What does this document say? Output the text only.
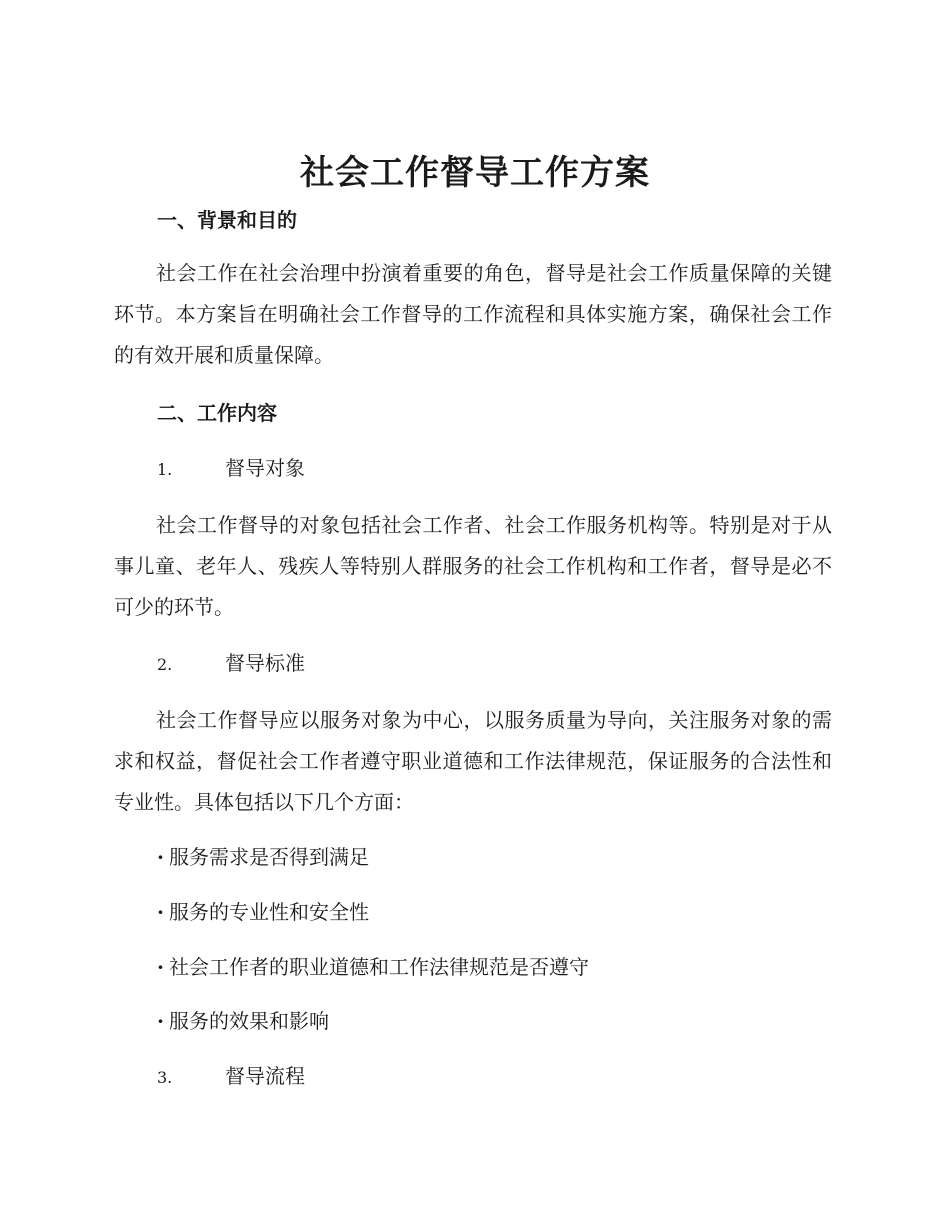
社会工作督导工作方案
一、背景和目的

社会工作在社会治理中扮演着重要的角色，督导是社会工作质量保障的关键环节。本方案旨在明确社会工作督导的工作流程和具体实施方案，确保社会工作的有效开展和质量保障。

二、工作内容
1.	督导对象

社会工作督导的对象包括社会工作者、社会工作服务机构等。特别是对于从事儿童、老年人、残疾人等特别人群服务的社会工作机构和工作者，督导是必不可少的环节。

2.	督导标准

社会工作督导应以服务对象为中心，以服务质量为导向，关注服务对象的需求和权益，督促社会工作者遵守职业道德和工作法律规范，保证服务的合法性和专业性。具体包括以下几个方面：

· 服务需求是否得到满足
· 服务的专业性和安全性
· 社会工作者的职业道德和工作法律规范是否遵守
· 服务的效果和影响
3.	督导流程
